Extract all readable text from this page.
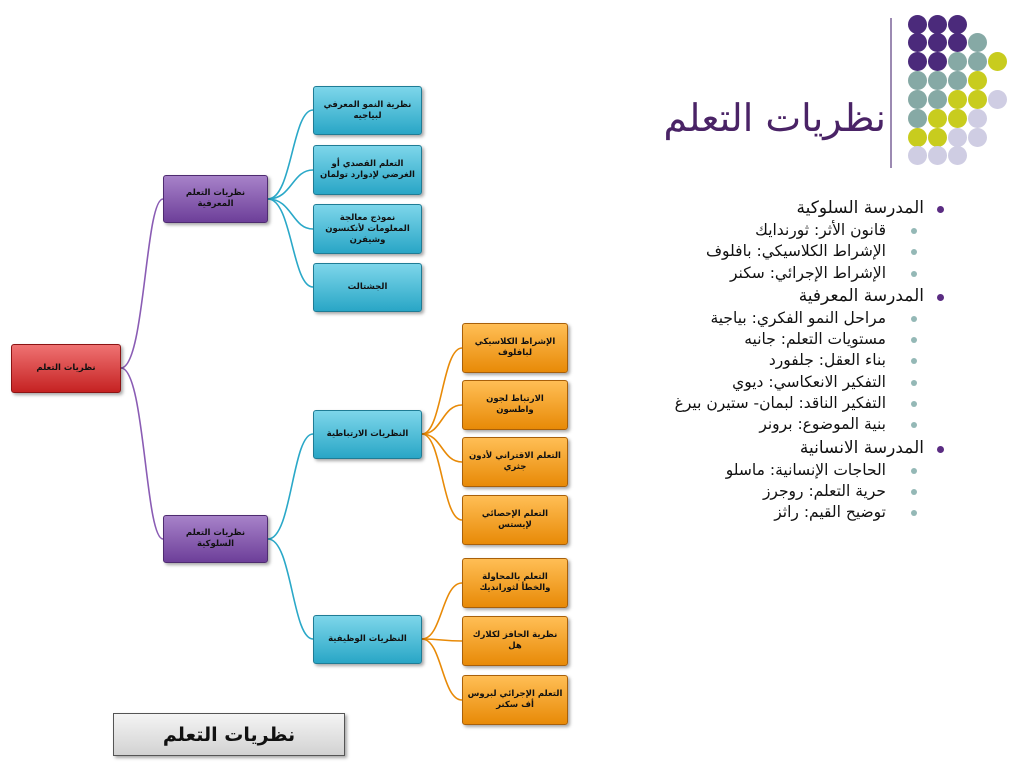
نظريات التعلم
نظريات التعلم المعرفية
نظريات التعلم السلوكية
نظرية النمو المعرفي لبياجيه
التعلم القصدي أو الغرضي لإدوارد تولمان
نموذج معالجة المعلومات لأتكنسون وشيفرن
الجشتالت
النظريات الارتباطية
النظريات الوظيفية
الإشراط الكلاسيكي لبافلوف
الارتباط لجون واطسون
التعلم الاقتراني لأدون جثري
التعلم الإحصائي لإيستس
التعلم بالمحاولة والخطأ لثورانديك
نظرية الحافز لكلارك هل
التعلم الإجرائي لبروس أف سكنر
نظريات التعلم
المدرسة السلوكية
قانون الأثر: ثورندايك
الإشراط الكلاسيكي: بافلوف
الإشراط الإجرائي: سكنر
المدرسة المعرفية
مراحل النمو الفكري: بياجية
مستويات التعلم: جانيه
بناء العقل: جلفورد
التفكير الانعكاسي: ديوي
التفكير الناقد: لبمان- ستيرن بيرغ
بنية الموضوع: برونر
المدرسة الانسانية
الحاجات الإنسانية: ماسلو
حرية التعلم: روجرز
توضيح القيم: راثز
نظريات التعلم
